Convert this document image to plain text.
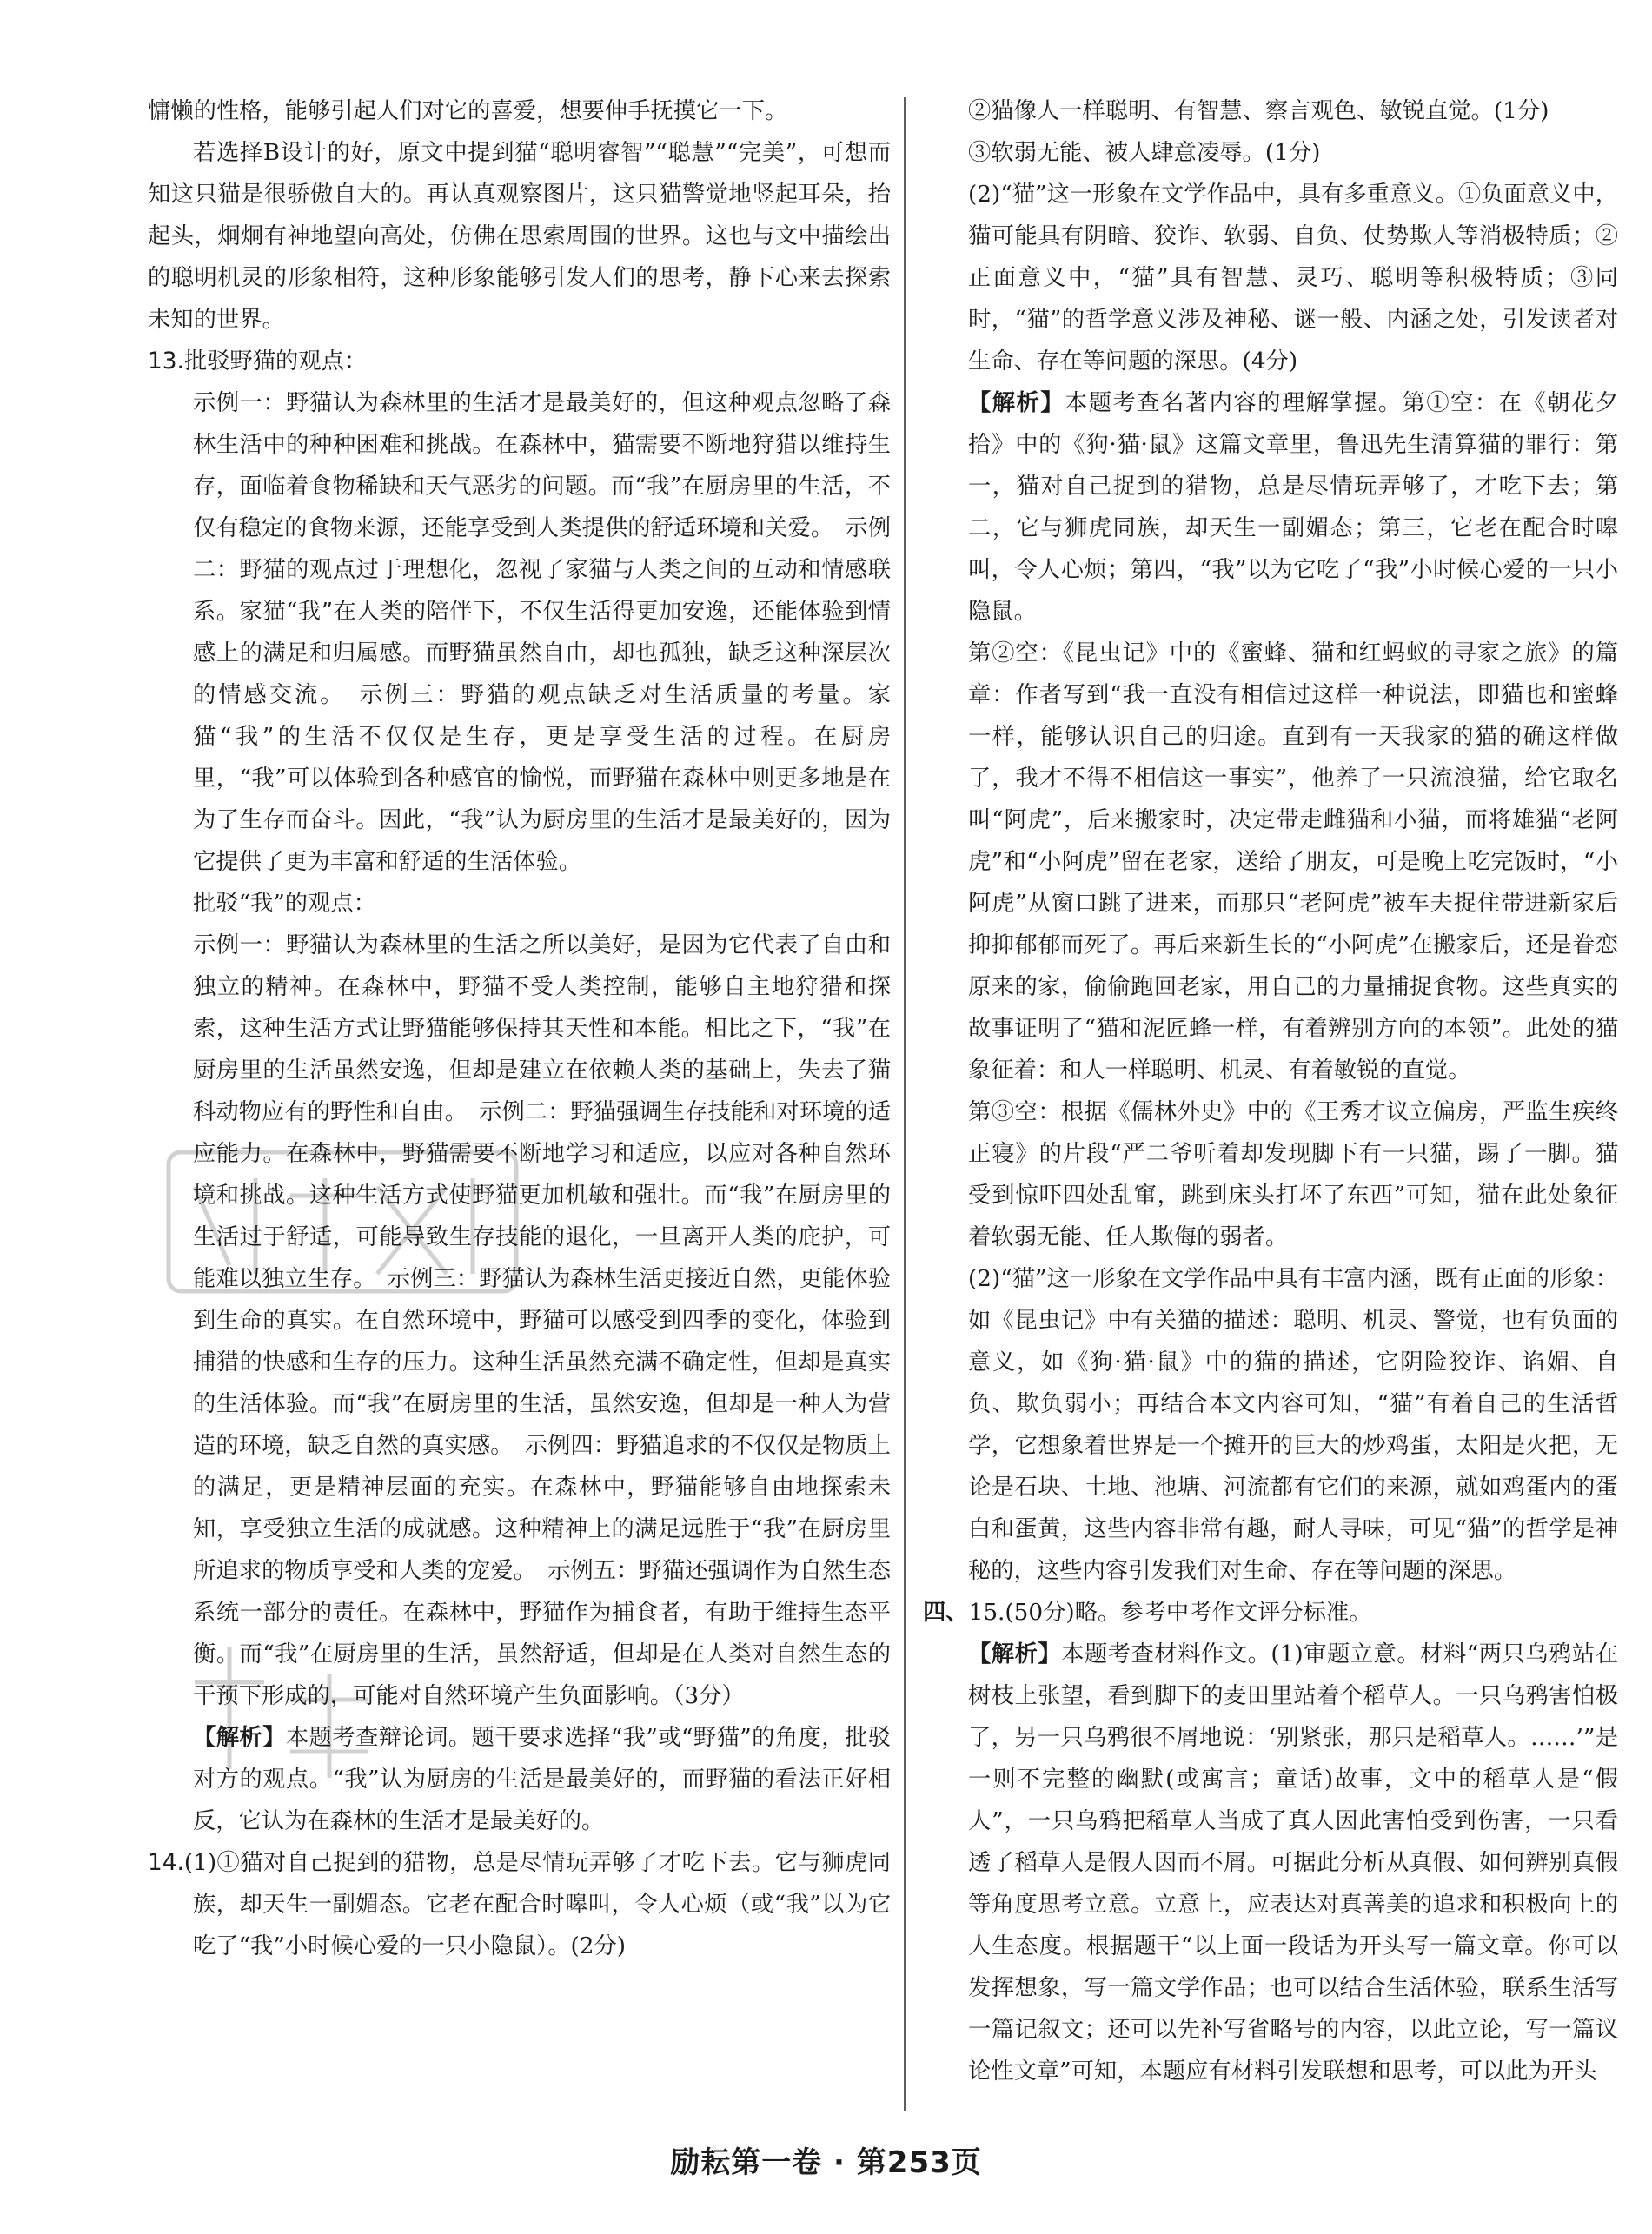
慵懒的性格，能够引起人们对它的喜爱，想要伸手抚摸它一下。

若选择B设计的好，原文中提到猫“聪明睿智”“聪慧”“完美”，可想而知这只猫是很骄傲自大的。再认真观察图片，这只猫警觉地竖起耳朵，抬起头，炯炯有神地望向高处，仿佛在思索周围的世界。这也与文中描绘出的聪明机灵的形象相符，这种形象能够引发人们的思考，静下心来去探索未知的世界。

13.批驳野猫的观点：

示例一：野猫认为森林里的生活才是最美好的，但这种观点忽略了森林生活中的种种困难和挑战。在森林中，猫需要不断地狩猎以维持生存，面临着食物稀缺和天气恶劣的问题。而“我”在厨房里的生活，不仅有稳定的食物来源，还能享受到人类提供的舒适环境和关爱。　示例二：野猫的观点过于理想化，忽视了家猫与人类之间的互动和情感联系。家猫“我”在人类的陪伴下，不仅生活得更加安逸，还能体验到情感上的满足和归属感。而野猫虽然自由，却也孤独，缺乏这种深层次的情感交流。　示例三：野猫的观点缺乏对生活质量的考量。家猫“我”的生活不仅仅是生存，更是享受生活的过程。在厨房里，“我”可以体验到各种感官的愉悦，而野猫在森林中则更多地是在为了生存而奋斗。因此，“我”认为厨房里的生活才是最美好的，因为它提供了更为丰富和舒适的生活体验。

批驳“我”的观点：

示例一：野猫认为森林里的生活之所以美好，是因为它代表了自由和独立的精神。在森林中，野猫不受人类控制，能够自主地狩猎和探索，这种生活方式让野猫能够保持其天性和本能。相比之下，“我”在厨房里的生活虽然安逸，但却是建立在依赖人类的基础上，失去了猫科动物应有的野性和自由。　示例二：野猫强调生存技能和对环境的适应能力。在森林中，野猫需要不断地学习和适应，以应对各种自然环境和挑战。这种生活方式使野猫更加机敏和强壮。而“我”在厨房里的生活过于舒适，可能导致生存技能的退化，一旦离开人类的庇护，可能难以独立生存。　示例三：野猫认为森林生活更接近自然，更能体验到生命的真实。在自然环境中，野猫可以感受到四季的变化，体验到捕猎的快感和生存的压力。这种生活虽然充满不确定性，但却是真实的生活体验。而“我”在厨房里的生活，虽然安逸，但却是一种人为营造的环境，缺乏自然的真实感。　示例四：野猫追求的不仅仅是物质上的满足，更是精神层面的充实。在森林中，野猫能够自由地探索未知，享受独立生活的成就感。这种精神上的满足远胜于“我”在厨房里所追求的物质享受和人类的宠爱。　示例五：野猫还强调作为自然生态系统一部分的责任。在森林中，野猫作为捕食者，有助于维持生态平衡。而“我”在厨房里的生活，虽然舒适，但却是在人类对自然生态的干预下形成的，可能对自然环境产生负面影响。（3分）

【解析】本题考查辩论词。题干要求选择“我”或“野猫”的角度，批驳对方的观点。“我”认为厨房的生活是最美好的，而野猫的看法正好相反，它认为在森林的生活才是最美好的。

14.(1)①猫对自己捉到的猎物，总是尽情玩弄够了才吃下去。它与狮虎同族，却天生一副媚态。它老在配合时嗥叫，令人心烦（或“我”以为它吃了“我”小时候心爱的一只小隐鼠）。(2分)

②猫像人一样聪明、有智慧、察言观色、敏锐直觉。(1分)

③软弱无能、被人肆意凌辱。(1分)

(2)“猫”这一形象在文学作品中，具有多重意义。①负面意义中，猫可能具有阴暗、狡诈、软弱、自负、仗势欺人等消极特质；②正面意义中，“猫”具有智慧、灵巧、聪明等积极特质；③同时，“猫”的哲学意义涉及神秘、谜一般、内涵之处，引发读者对生命、存在等问题的深思。(4分)

【解析】本题考查名著内容的理解掌握。第①空：在《朝花夕拾》中的《狗·猫·鼠》这篇文章里，鲁迅先生清算猫的罪行：第一，猫对自己捉到的猎物，总是尽情玩弄够了，才吃下去；第二，它与狮虎同族，却天生一副媚态；第三，它老在配合时嗥叫，令人心烦；第四，“我”以为它吃了“我”小时候心爱的一只小隐鼠。

第②空：《昆虫记》中的《蜜蜂、猫和红蚂蚁的寻家之旅》的篇章：作者写到“我一直没有相信过这样一种说法，即猫也和蜜蜂一样，能够认识自己的归途。直到有一天我家的猫的确这样做了，我才不得不相信这一事实”，他养了一只流浪猫，给它取名叫“阿虎”，后来搬家时，决定带走雌猫和小猫，而将雄猫“老阿虎”和“小阿虎”留在老家，送给了朋友，可是晚上吃完饭时，“小阿虎”从窗口跳了进来，而那只“老阿虎”被车夫捉住带进新家后抑抑郁郁而死了。再后来新生长的“小阿虎”在搬家后，还是眷恋原来的家，偷偷跑回老家，用自己的力量捕捉食物。这些真实的故事证明了“猫和泥匠蜂一样，有着辨别方向的本领”。此处的猫象征着：和人一样聪明、机灵、有着敏锐的直觉。

第③空：根据《儒林外史》中的《王秀才议立偏房，严监生疾终正寝》的片段“严二爷听着却发现脚下有一只猫，踢了一脚。猫受到惊吓四处乱窜，跳到床头打坏了东西”可知，猫在此处象征着软弱无能、任人欺侮的弱者。

(2)“猫”这一形象在文学作品中具有丰富内涵，既有正面的形象：如《昆虫记》中有关猫的描述：聪明、机灵、警觉，也有负面的意义，如《狗·猫·鼠》中的猫的描述，它阴险狡诈、谄媚、自负、欺负弱小；再结合本文内容可知，“猫”有着自己的生活哲学，它想象着世界是一个摊开的巨大的炒鸡蛋，太阳是火把，无论是石块、土地、池塘、河流都有它们的来源，就如鸡蛋内的蛋白和蛋黄，这些内容非常有趣，耐人寻味，可见“猫”的哲学是神秘的，这些内容引发我们对生命、存在等问题的深思。

四、15.(50分)略。参考中考作文评分标准。

【解析】本题考查材料作文。(1)审题立意。材料“两只乌鸦站在树枝上张望，看到脚下的麦田里站着个稻草人。一只乌鸦害怕极了，另一只乌鸦很不屑地说：‘别紧张，那只是稻草人。……’”是一则不完整的幽默(或寓言；童话)故事，文中的稻草人是“假人”，一只乌鸦把稻草人当成了真人因此害怕受到伤害，一只看透了稻草人是假人因而不屑。可据此分析从真假、如何辨别真假等角度思考立意。立意上，应表达对真善美的追求和积极向上的人生态度。根据题干“以上面一段话为开头写一篇文章。你可以发挥想象，写一篇文学作品；也可以结合生活体验，联系生活写一篇记叙文；还可以先补写省略号的内容，以此立论，写一篇议论性文章”可知，本题应有材料引发联想和思考，可以此为开头

励耘第一卷 · 第253页
